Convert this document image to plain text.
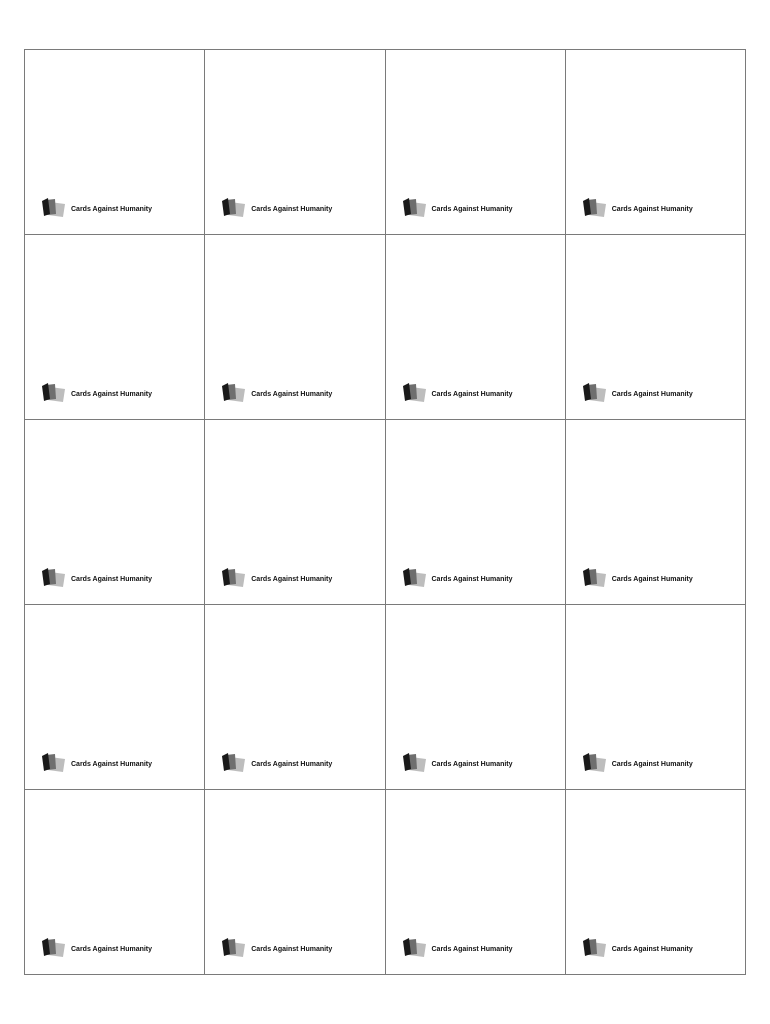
Cards Against Humanity	Cards Against Humanity	Cards Against Humanity	Cards Against Humanity
Cards Against Humanity	Cards Against Humanity	Cards Against Humanity	Cards Against Humanity
Cards Against Humanity	Cards Against Humanity	Cards Against Humanity	Cards Against Humanity
Cards Against Humanity	Cards Against Humanity	Cards Against Humanity	Cards Against Humanity
Cards Against Humanity	Cards Against Humanity	Cards Against Humanity	Cards Against Humanity
